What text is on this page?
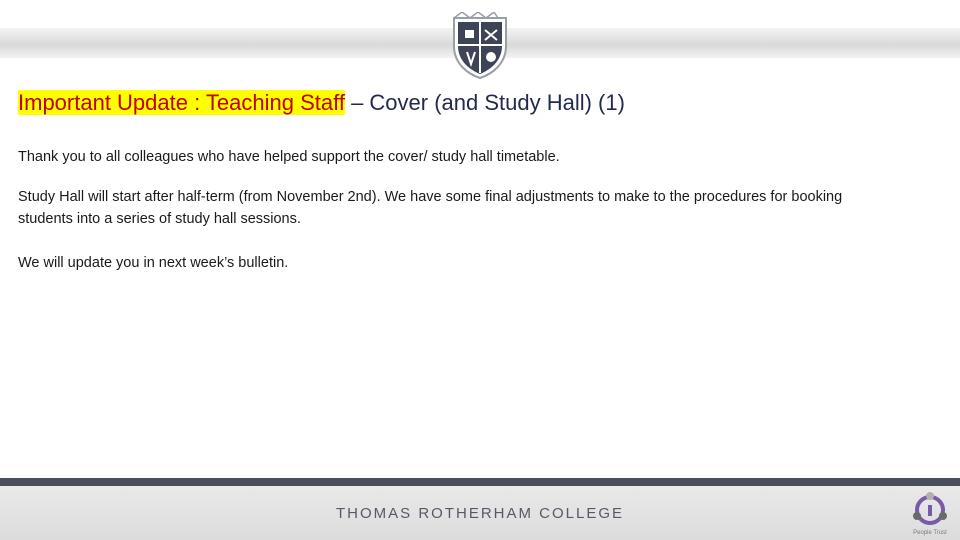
Important Update : Teaching Staff – Cover (and Study Hall) (1)

Thank you to all colleagues who have helped support the cover/ study hall timetable.

Study Hall will start after half-term (from November 2nd). We have some final adjustments to make to the procedures for booking students into a series of study hall sessions.

We will update you in next week’s bulletin.

THOMAS ROTHERHAM COLLEGE
People Trust
